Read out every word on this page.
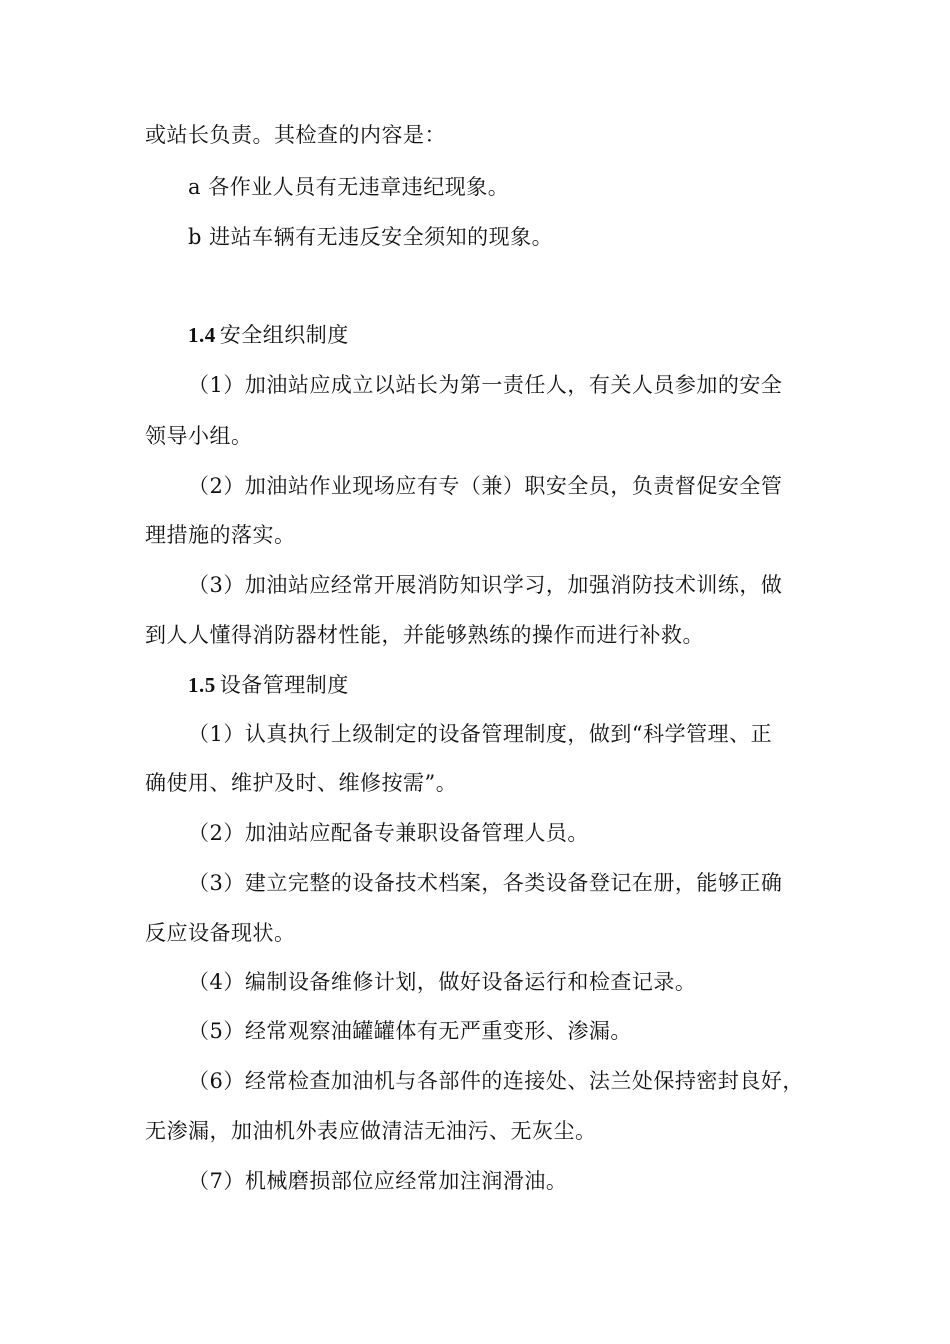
或站长负责。其检查的内容是：
a 各作业人员有无违章违纪现象。
b 进站车辆有无违反安全须知的现象。
1.4 安全组织制度
（1）加油站应成立以站长为第一责任人，有关人员参加的安全
领导小组。
（2）加油站作业现场应有专（兼）职安全员，负责督促安全管
理措施的落实。
（3）加油站应经常开展消防知识学习，加强消防技术训练，做
到人人懂得消防器材性能，并能够熟练的操作而进行补救。
1.5 设备管理制度
（1）认真执行上级制定的设备管理制度，做到“科学管理、正
确使用、维护及时、维修按需”。
（2）加油站应配备专兼职设备管理人员。
（3）建立完整的设备技术档案，各类设备登记在册，能够正确
反应设备现状。
（4）编制设备维修计划，做好设备运行和检查记录。
（5）经常观察油罐罐体有无严重变形、渗漏。
（6）经常检查加油机与各部件的连接处、法兰处保持密封良好，
无渗漏，加油机外表应做清洁无油污、无灰尘。
（7）机械磨损部位应经常加注润滑油。
